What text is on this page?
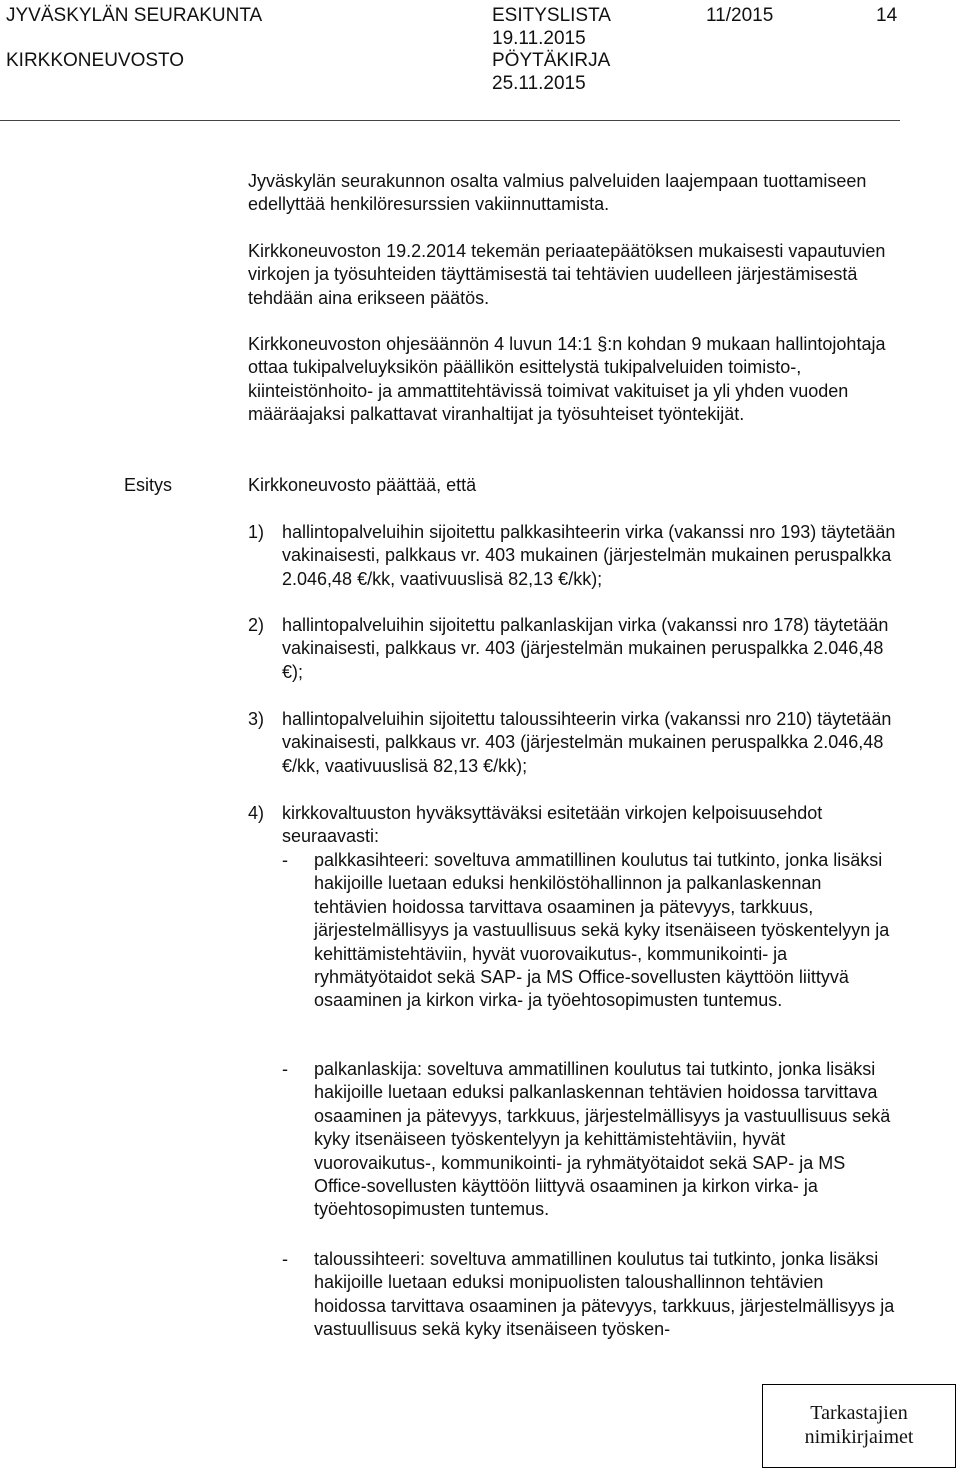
JYVÄSKYLÄN SEURAKUNTA	ESITYSLISTA	11/2015	14
19.11.2015
KIRKKONEUVOSTO	PÖYTÄKIRJA
25.11.2015

Jyväskylän seurakunnon osalta valmius palveluiden laajempaan tuottamiseen edellyttää henkilöresurssien vakiinnuttamista.

Kirkkoneuvoston 19.2.2014 tekemän periaatepäätöksen mukaisesti vapautuvien virkojen ja työsuhteiden täyttämisestä tai tehtävien uudelleen järjestämisestä tehdään aina erikseen päätös.

Kirkkoneuvoston ohjesäännön 4 luvun 14:1 §:n kohdan 9 mukaan hallintojohtaja ottaa tukipalveluyksikön päällikön esittelystä tukipalveluiden toimisto-, kiinteistönhoito- ja ammattitehtävissä toimivat vakituiset ja yli yhden vuoden määräajaksi palkattavat viranhaltijat ja työsuhteiset työntekijät.

Esitys	Kirkkoneuvosto päättää, että
1) hallintopalveluihin sijoitettu palkkasihteerin virka (vakanssi nro 193) täytetään vakinaisesti, palkkaus vr. 403 mukainen (järjestelmän mukainen peruspalkka 2.046,48 €/kk, vaativuuslisä 82,13 €/kk);
2) hallintopalveluihin sijoitettu palkanlaskijan virka (vakanssi nro 178) täytetään vakinaisesti, palkkaus vr. 403 (järjestelmän mukainen peruspalkka 2.046,48 €);
3) hallintopalveluihin sijoitettu taloussihteerin virka (vakanssi nro 210) täytetään vakinaisesti, palkkaus vr. 403 (järjestelmän mukainen peruspalkka 2.046,48 €/kk, vaativuuslisä 82,13 €/kk);
4) kirkkovaltuuston hyväksyttäväksi esitetään virkojen kelpoisuusehdot seuraavasti:
- palkkasihteeri: soveltuva ammatillinen koulutus tai tutkinto, jonka lisäksi hakijoille luetaan eduksi henkilöstöhallinnon ja palkanlaskennan tehtävien hoidossa tarvittava osaaminen ja pätevyys, tarkkuus, järjestelmällisyys ja vastuullisuus sekä kyky itsenäiseen työskentelyyn ja kehittämistehtäviin, hyvät vuorovaikutus-, kommunikointi- ja ryhmätyötaidot sekä SAP- ja MS Office-sovellusten käyttöön liittyvä osaaminen ja kirkon virka- ja työehtosopimusten tuntemus.
- palkanlaskija: soveltuva ammatillinen koulutus tai tutkinto, jonka lisäksi hakijoille luetaan eduksi palkanlaskennan tehtävien hoidossa tarvittava osaaminen ja pätevyys, tarkkuus, järjestelmällisyys ja vastuullisuus sekä kyky itsenäiseen työskentelyyn ja kehittämistehtäviin, hyvät vuorovaikutus-, kommunikointi- ja ryhmätyötaidot sekä SAP- ja MS Office-sovellusten käyttöön liittyvä osaaminen ja kirkon virka- ja työehtosopimusten tuntemus.
- taloussihteeri: soveltuva ammatillinen koulutus tai tutkinto, jonka lisäksi hakijoille luetaan eduksi monipuolisten taloushallinnon tehtävien hoidossa tarvittava osaaminen ja pätevyys, tarkkuus, järjestelmällisyys ja vastuullisuus sekä kyky itsenäiseen työsken-
Tarkastajien
nimikirjaimet
